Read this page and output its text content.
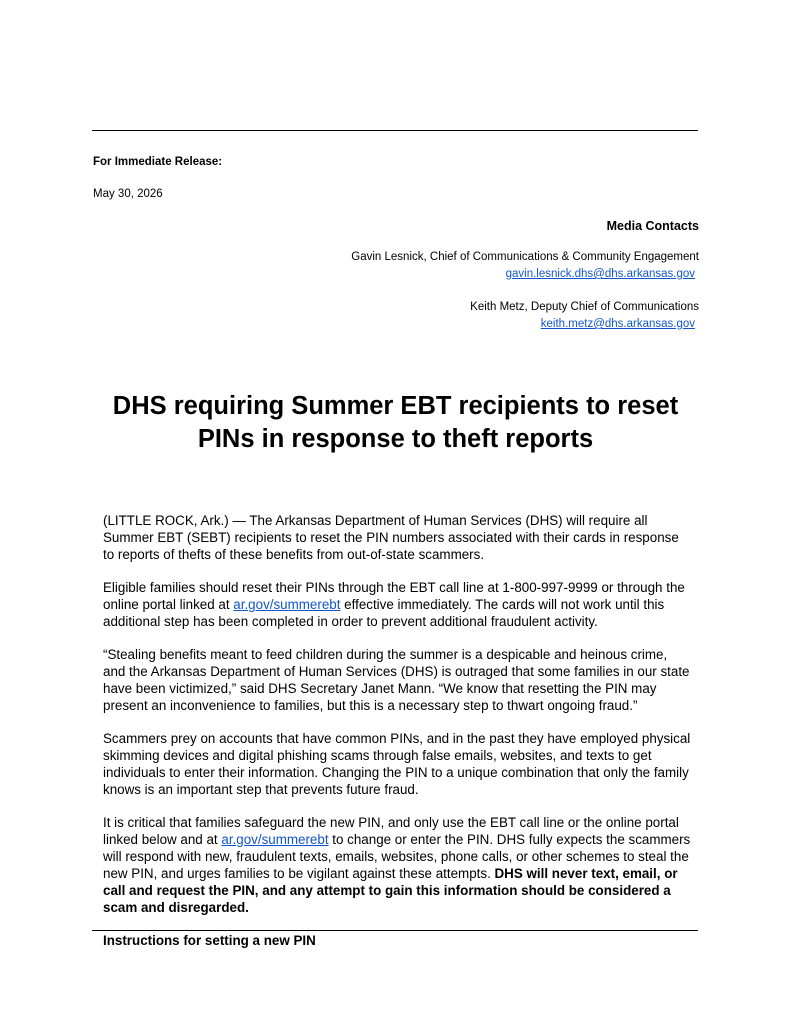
For Immediate Release:
May 30, 2026
Media Contacts
Gavin Lesnick, Chief of Communications & Community Engagement
gavin.lesnick.dhs@dhs.arkansas.gov
Keith Metz, Deputy Chief of Communications
keith.metz@dhs.arkansas.gov
DHS requiring Summer EBT recipients to reset PINs in response to theft reports

(LITTLE ROCK, Ark.) — The Arkansas Department of Human Services (DHS) will require all Summer EBT (SEBT) recipients to reset the PIN numbers associated with their cards in response to reports of thefts of these benefits from out-of-state scammers.

Eligible families should reset their PINs through the EBT call line at 1-800-997-9999 or through the online portal linked at ar.gov/summerebt effective immediately. The cards will not work until this additional step has been completed in order to prevent additional fraudulent activity.

“Stealing benefits meant to feed children during the summer is a despicable and heinous crime, and the Arkansas Department of Human Services (DHS) is outraged that some families in our state have been victimized,” said DHS Secretary Janet Mann. “We know that resetting the PIN may present an inconvenience to families, but this is a necessary step to thwart ongoing fraud.”

Scammers prey on accounts that have common PINs, and in the past they have employed physical skimming devices and digital phishing scams through false emails, websites, and texts to get individuals to enter their information. Changing the PIN to a unique combination that only the family knows is an important step that prevents future fraud.

It is critical that families safeguard the new PIN, and only use the EBT call line or the online portal linked below and at ar.gov/summerebt to change or enter the PIN. DHS fully expects the scammers will respond with new, fraudulent texts, emails, websites, phone calls, or other schemes to steal the new PIN, and urges families to be vigilant against these attempts. DHS will never text, email, or call and request the PIN, and any attempt to gain this information should be considered a scam and disregarded.

Instructions for setting a new PIN
